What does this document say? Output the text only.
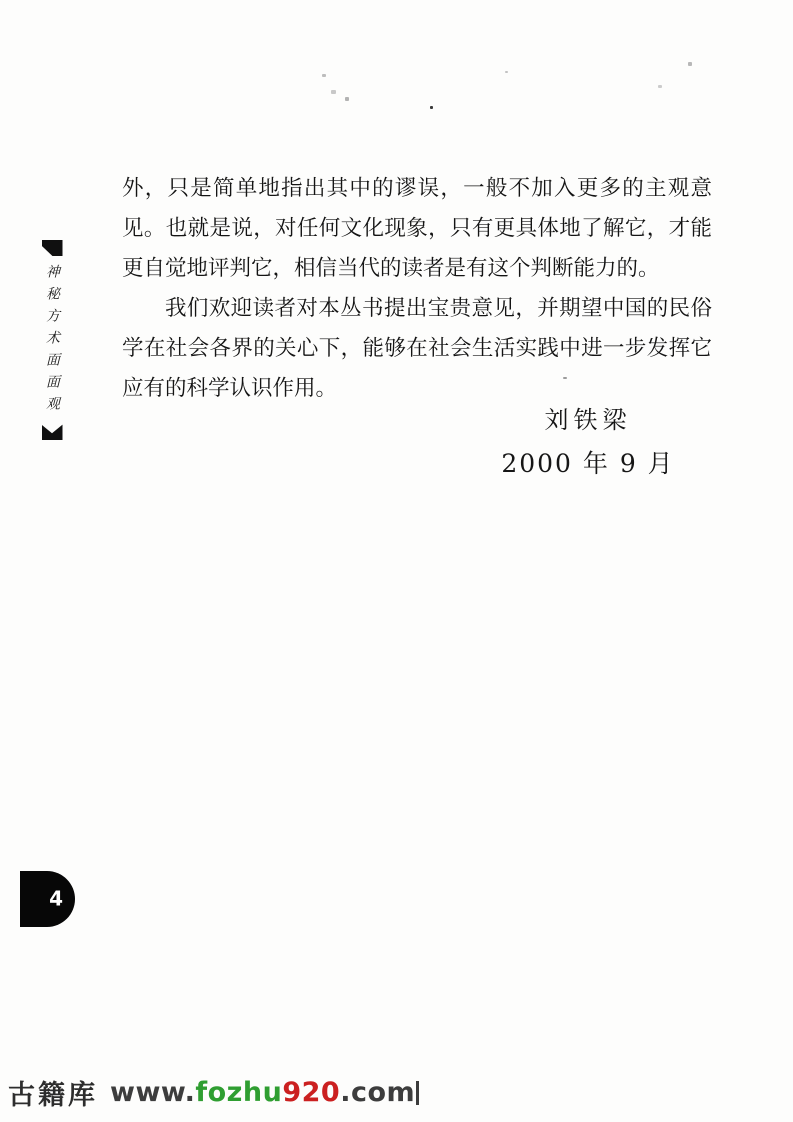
神秘方术面面观

外，只是简单地指出其中的谬误，一般不加入更多的主观意见。也就是说，对任何文化现象，只有更具体地了解它，才能更自觉地评判它，相信当代的读者是有这个判断能力的。

我们欢迎读者对本丛书提出宝贵意见，并期望中国的民俗学在社会各界的关心下，能够在社会生活实践中进一步发挥它应有的科学认识作用。

刘铁梁
2000 年 9 月
4
古籍库 www.fozhu920.com
